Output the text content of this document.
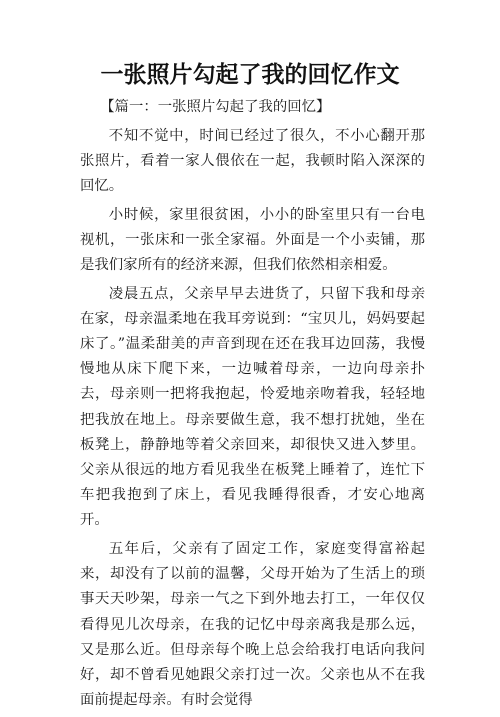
一张照片勾起了我的回忆作文

【篇一：一张照片勾起了我的回忆】

不知不觉中，时间已经过了很久，不小心翻开那张照片，看着一家人偎依在一起，我顿时陷入深深的回忆。

小时候，家里很贫困，小小的卧室里只有一台电视机，一张床和一张全家福。外面是一个小卖铺，那是我们家所有的经济来源，但我们依然相亲相爱。

凌晨五点，父亲早早去进货了，只留下我和母亲在家，母亲温柔地在我耳旁说到：“宝贝儿，妈妈要起床了。”温柔甜美的声音到现在还在我耳边回荡，我慢慢地从床下爬下来，一边喊着母亲，一边向母亲扑去，母亲则一把将我抱起，怜爱地亲吻着我，轻轻地把我放在地上。母亲要做生意，我不想打扰她，坐在板凳上，静静地等着父亲回来，却很快又进入梦里。父亲从很远的地方看见我坐在板凳上睡着了，连忙下车把我抱到了床上，看见我睡得很香，才安心地离开。

五年后，父亲有了固定工作，家庭变得富裕起来，却没有了以前的温馨，父母开始为了生活上的琐事天天吵架，母亲一气之下到外地去打工，一年仅仅看得见儿次母亲，在我的记忆中母亲离我是那么远，又是那么近。但母亲每个晚上总会给我打电话向我问好，却不曾看见她跟父亲打过一次。父亲也从不在我面前提起母亲。有时会觉得
